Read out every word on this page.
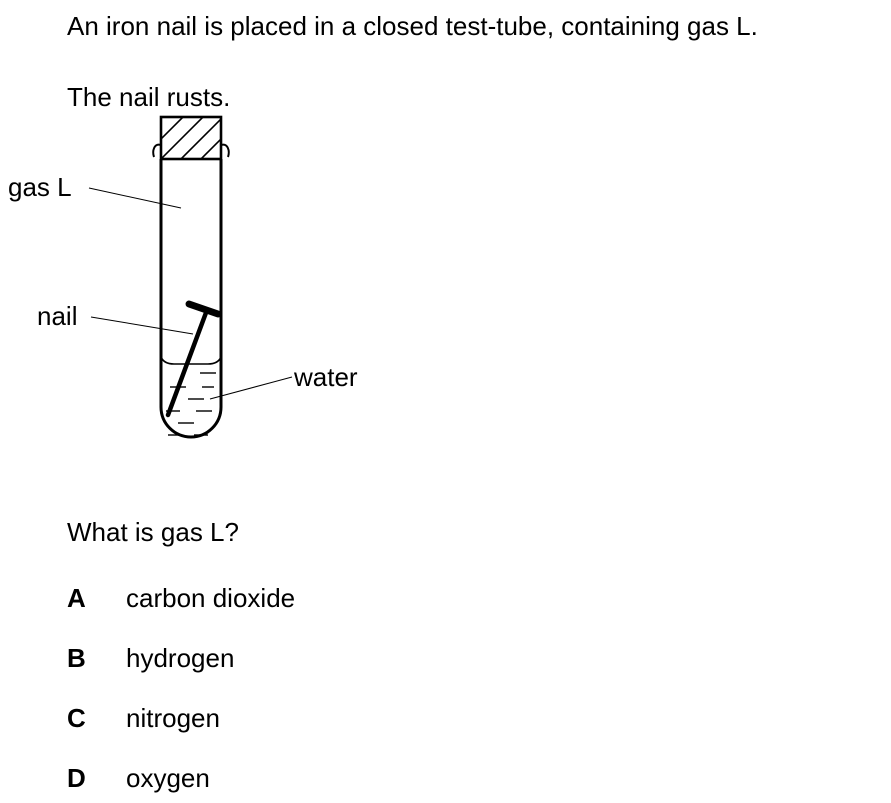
An iron nail is placed in a closed test-tube, containing gas L.
The nail rusts.
gas L
nail
water
What is gas L?
A carbon dioxide
B hydrogen
C nitrogen
D oxygen
